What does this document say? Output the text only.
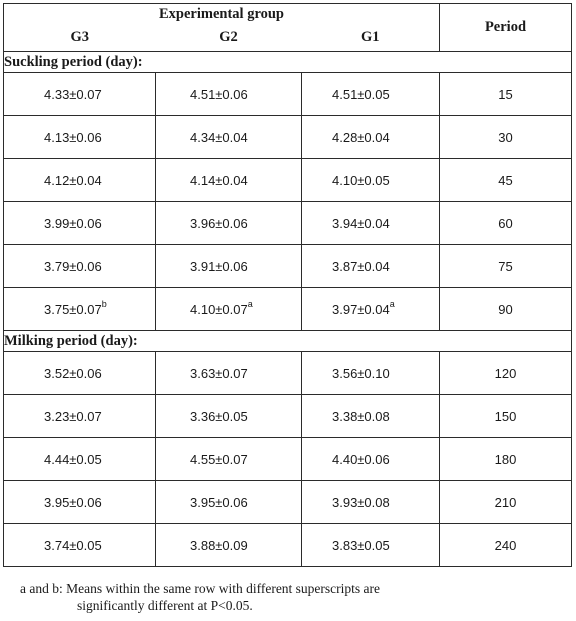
Experimental group			Period
G3	G2	G1	
Suckling period (day):			
4.33±0.07	4.51±0.06	4.51±0.05	15
4.13±0.06	4.34±0.04	4.28±0.04	30
4.12±0.04	4.14±0.04	4.10±0.05	45
3.99±0.06	3.96±0.06	3.94±0.04	60
3.79±0.06	3.91±0.06	3.87±0.04	75
3.75±0.07$^b$	4.10±0.07$^a$	3.97±0.04$^a$	90
Milking period (day):			
3.52±0.06	3.63±0.07	3.56±0.10	120
3.23±0.07	3.36±0.05	3.38±0.08	150
4.44±0.05	4.55±0.07	4.40±0.06	180
3.95±0.06	3.95±0.06	3.93±0.08	210
3.74±0.05	3.88±0.09	3.83±0.05	240
a and b: Means within the same row with different superscripts are
significantly different at P<0.05.
